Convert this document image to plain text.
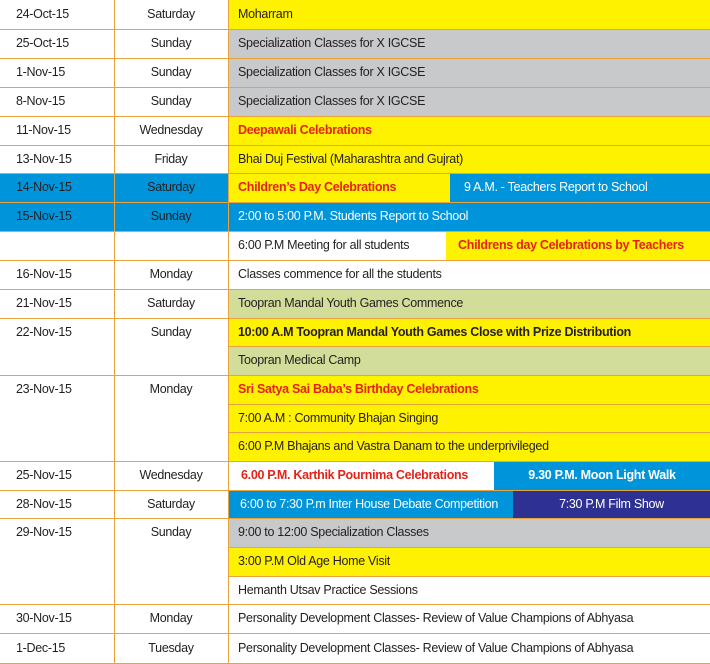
24-Oct-15	Saturday	Moharram
25-Oct-15	Sunday	Specialization Classes for X IGCSE
1-Nov-15	Sunday	Specialization Classes for X IGCSE
8-Nov-15	Sunday	Specialization Classes for X IGCSE
11-Nov-15	Wednesday	Deepawali Celebrations
13-Nov-15	Friday	Bhai Duj Festival (Maharashtra and Gujrat)
14-Nov-15	Saturday	Children’s Day Celebrations	9 A.M. - Teachers Report to School
15-Nov-15	Sunday	2:00 to 5:00 P.M. Students Report to School
6:00 P.M Meeting for all students	Childrens day Celebrations by Teachers
16-Nov-15	Monday	Classes commence for all the students
21-Nov-15	Saturday	Toopran Mandal Youth Games Commence
22-Nov-15	Sunday	10:00 A.M Toopran Mandal Youth Games Close with Prize Distribution
Toopran Medical Camp
23-Nov-15	Monday	Sri Satya Sai Baba’s Birthday Celebrations
7:00 A.M : Community Bhajan Singing
6:00 P.M Bhajans and Vastra Danam to the underprivileged
25-Nov-15	Wednesday	6.00 P.M. Karthik Pournima Celebrations	9.30 P.M. Moon Light Walk
28-Nov-15	Saturday	6:00 to 7:30 P.m Inter House Debate Competition	7:30 P.M Film Show
29-Nov-15	Sunday	9:00 to 12:00 Specialization Classes
3:00 P.M Old Age Home Visit
Hemanth Utsav Practice Sessions
30-Nov-15	Monday	Personality Development Classes- Review of Value Champions of Abhyasa
1-Dec-15	Tuesday	Personality Development Classes- Review of Value Champions of Abhyasa
